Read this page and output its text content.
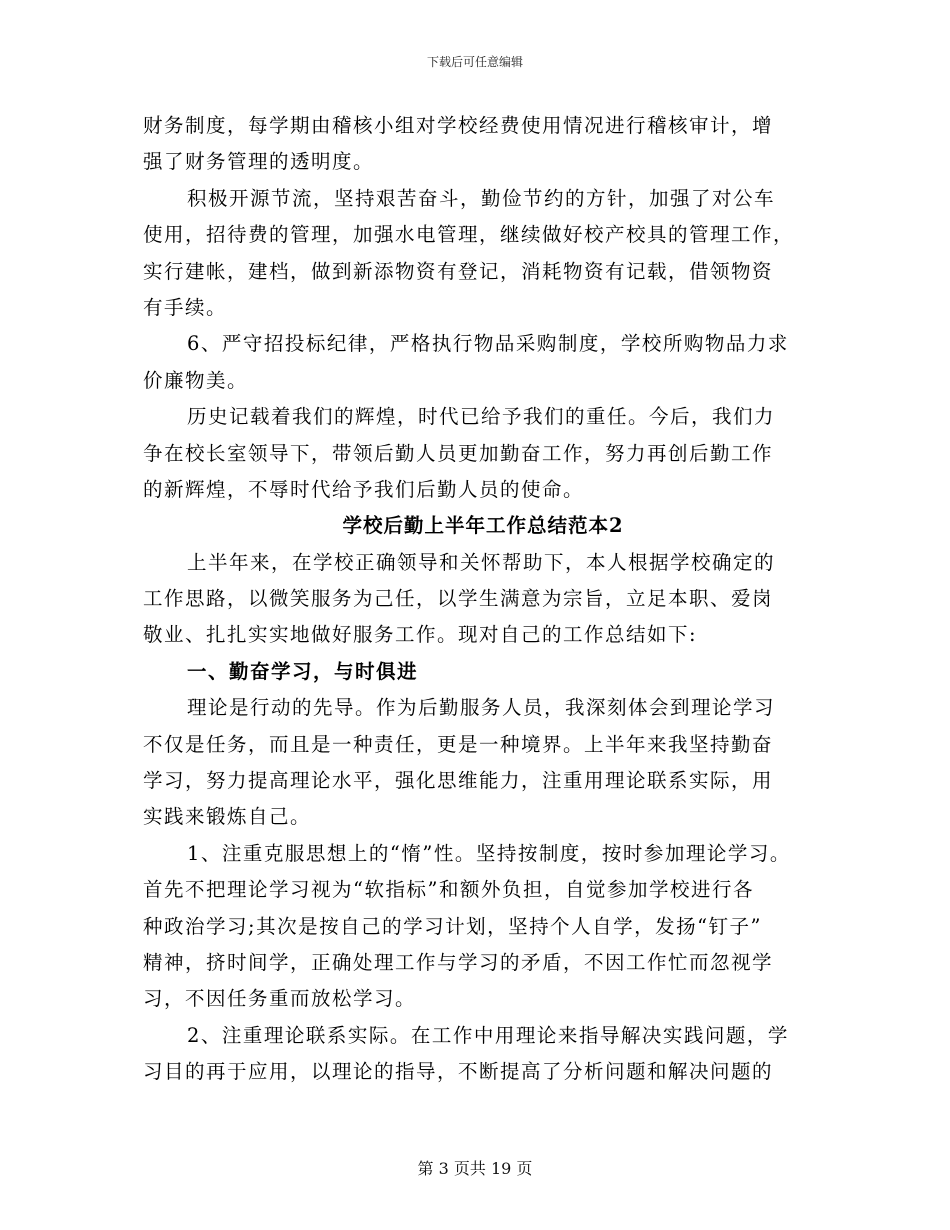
下载后可任意编辑
财务制度，每学期由稽核小组对学校经费使用情况进行稽核审计，增
强了财务管理的透明度。
积极开源节流，坚持艰苦奋斗，勤俭节约的方针，加强了对公车
使用，招待费的管理，加强水电管理，继续做好校产校具的管理工作，
实行建帐，建档，做到新添物资有登记，消耗物资有记载，借领物资
有手续。
6、严守招投标纪律，严格执行物品采购制度，学校所购物品力求
价廉物美。
历史记载着我们的辉煌，时代已给予我们的重任。今后，我们力
争在校长室领导下，带领后勤人员更加勤奋工作，努力再创后勤工作
的新辉煌，不辱时代给予我们后勤人员的使命。
学校后勤上半年工作总结范本2
上半年来，在学校正确领导和关怀帮助下，本人根据学校确定的
工作思路，以微笑服务为己任，以学生满意为宗旨，立足本职、爱岗
敬业、扎扎实实地做好服务工作。现对自己的工作总结如下:
一、勤奋学习，与时俱进
理论是行动的先导。作为后勤服务人员，我深刻体会到理论学习
不仅是任务，而且是一种责任，更是一种境界。上半年来我坚持勤奋
学习，努力提高理论水平，强化思维能力，注重用理论联系实际，用
实践来锻炼自己。
1、注重克服思想上的“惰”性。坚持按制度，按时参加理论学习。
首先不把理论学习视为“软指标”和额外负担，自觉参加学校进行各
种政治学习;其次是按自己的学习计划，坚持个人自学，发扬“钉子”
精神，挤时间学，正确处理工作与学习的矛盾，不因工作忙而忽视学
习，不因任务重而放松学习。
2、注重理论联系实际。在工作中用理论来指导解决实践问题，学
习目的再于应用，以理论的指导，不断提高了分析问题和解决问题的
第 3 页共 19 页
